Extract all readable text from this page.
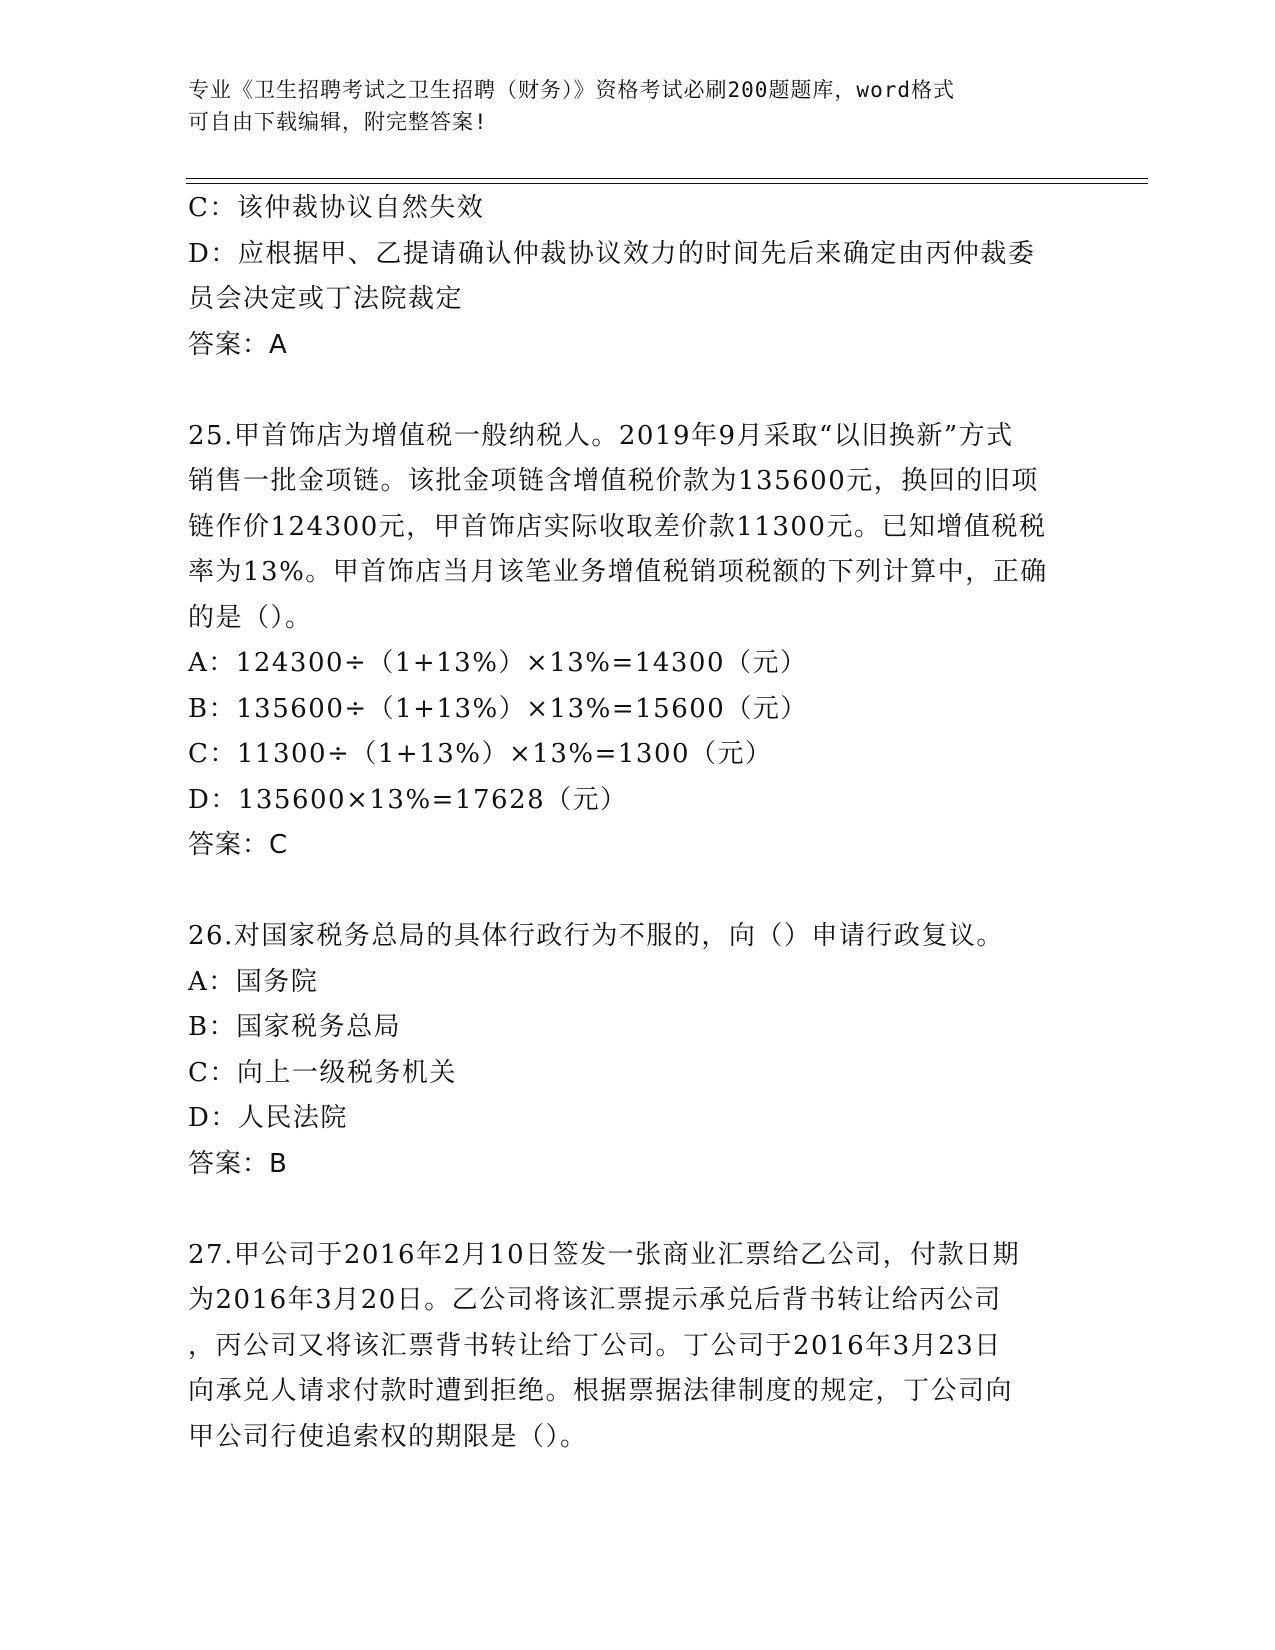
专业《卫生招聘考试之卫生招聘（财务）》资格考试必刷200题题库，word格式
可自由下载编辑，附完整答案!
C：该仲裁协议自然失效
D：应根据甲、乙提请确认仲裁协议效力的时间先后来确定由丙仲裁委
员会决定或丁法院裁定
答案：A
25.甲首饰店为增值税一般纳税人。2019年9月采取“以旧换新”方式
销售一批金项链。该批金项链含增值税价款为135600元，换回的旧项
链作价124300元，甲首饰店实际收取差价款11300元。已知增值税税
率为13%。甲首饰店当月该笔业务增值税销项税额的下列计算中，正确
的是（）。
A：124300÷（1+13%）×13%=14300（元）
B：135600÷（1+13%）×13%=15600（元）
C：11300÷（1+13%）×13%=1300（元）
D：135600×13%=17628（元）
答案：C
26.对国家税务总局的具体行政行为不服的，向（）申请行政复议。
A：国务院
B：国家税务总局
C：向上一级税务机关
D：人民法院
答案：B
27.甲公司于2016年2月10日签发一张商业汇票给乙公司，付款日期
为2016年3月20日。乙公司将该汇票提示承兑后背书转让给丙公司
，丙公司又将该汇票背书转让给丁公司。丁公司于2016年3月23日
向承兑人请求付款时遭到拒绝。根据票据法律制度的规定，丁公司向
甲公司行使追索权的期限是（）。
